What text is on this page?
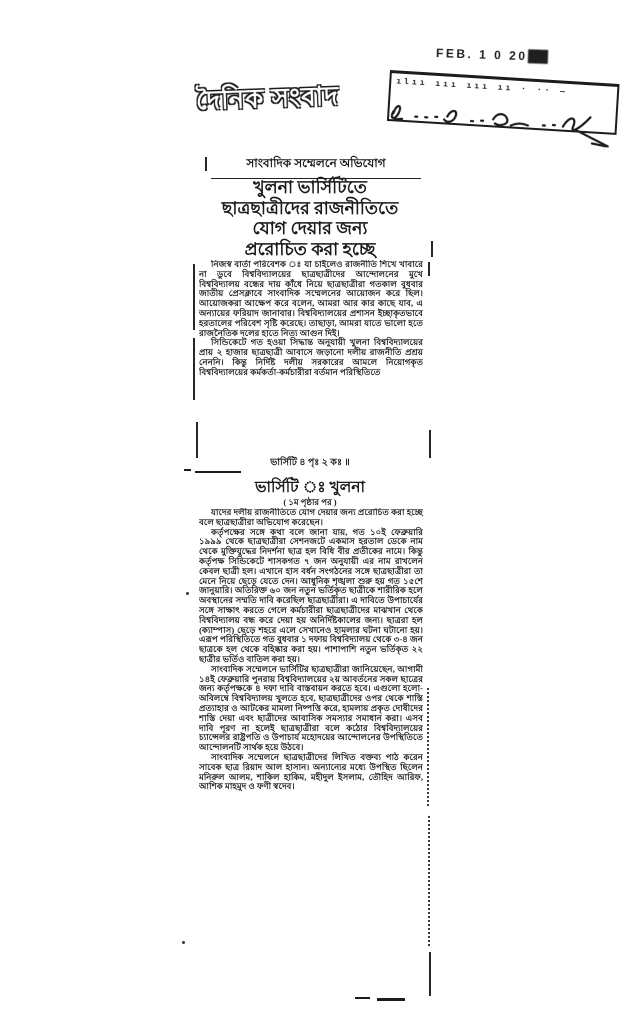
দৈনিক সংবাদ
FEB. 1 0 2000
ılıı ııı ııı ıı · ·· —
সাংবাদিক সম্মেলনে অভিযোগ
খুলনা ভার্সিটিতে
ছাত্রছাত্রীদের রাজনীতিতে
যোগ দেয়ার জন্য
প্ররোচিত করা হচ্ছে

নিজস্ব বার্তা পরিবেশক ঃ যা চাইলেও রাজনীতি শিখে খাবারে না ডুবে বিশ্ববিদ্যালয়ের ছাত্রছাত্রীদের আন্দোলনের মুখে বিশ্ববিদ্যালয় বন্ধের দায় কাঁধে নিয়ে ছাত্রছাত্রীরা গতকাল বুধবার জাতীয় প্রেসক্লাবে সাংবাদিক সম্মেলনের আয়োজন করে ছিল। আয়োজকরা আক্ষেপ করে বলেন, আমরা আর কার কাছে যাব, এ অন্যায়ের ফরিয়াদ জানাবার। বিশ্ববিদ্যালয়ের প্রশাসন ইচ্ছাকৃতভাবে হরতালের পরিবেশ সৃষ্টি করেছে। তাছাড়া, আমরা যাতে ভালো হতে রাজনৈতিক দলের হাতে নিত্য আগুন দিই।

সিন্ডিকেটে গত হওয়া সিদ্ধান্ত অনুযায়ী খুলনা বিশ্ববিদ্যালয়ের প্রায় ২ হাজার ছাত্রছাত্রী আবাসে জড়ানো দলীয় রাজনীতি প্রশ্রয় নেননি। কিন্তু নির্দিষ্ট দলীয় সরকারের আমলে নিয়োগকৃত বিশ্ববিদ্যালয়ের কর্মকর্তা-কর্মচারীরা বর্তমান পরিস্থিতিতে

ভার্সিটি ৪ পৃঃ ২ কঃ ॥
ভার্সিটি ঃ খুলনা
( ১ম পৃষ্ঠার পর )

যাদের দলীয় রাজনীতিতে যোগ দেয়ার জন্য প্ররোচিত করা হচ্ছে বলে ছাত্রছাত্রীরা অভিযোগ করেছেন।

কর্তৃপক্ষের সঙ্গে কথা বলে জানা যায়, গত ১০ই ফেব্রুয়ারি ১৯৯৯ থেকে ছাত্রছাত্রীরা সেশনজটে একমাস হরতাল ডেকে নাম থেকে মুক্তিযুদ্ধের নিদর্শনা ছাত্র হল বিধি বীর প্রতীকের নামে। কিন্তু কর্তৃপক্ষ সিন্ডিকেটে শাসকগত ৭ জন অনুযায়ী এর নাম রাখলেন কেবল ছাত্রী হল। এখানে হাস বর্ধন সংগঠনের সঙ্গে ছাত্রছাত্রীরা তা মেনে নিয়ে ছেড়ে যেতে দেন। আধুনিক শৃঙ্খলা শুরু হয় গত ১৫শে জানুয়ারি। অতিরিক্ত ৬০ জন নতুন ভর্তিকৃত ছাত্রীকে শারীরিক হলে অবস্থানের সম্মতি দাবি করেছিল ছাত্রছাত্রীরা। এ দাবিতে উপাচার্যের সঙ্গে সাক্ষাৎ করতে গেলে কর্মচারীরা ছাত্রছাত্রীদের মাঝখান থেকে বিশ্ববিদ্যালয় বন্ধ করে দেয়া হয় অনির্দিষ্টকালের জন্য। ছাত্ররা হল (ক্যাম্পাস) ছেড়ে শহরে এলে সেখানেও হামলার ঘটনা ঘটানো হয়। এরূপ পরিস্থিতিতে গত বুধবার ১ দফায় বিশ্ববিদ্যালয় থেকে ৩-৪ জন ছাত্রকে হল থেকে বহিষ্কার করা হয়। পাশাপাশি নতুন ভর্তিকৃত ২২ ছাত্রীর ভর্তিও বাতিল করা হয়।

সাংবাদিক সম্মেলনে ভার্সিটির ছাত্রছাত্রীরা জানিয়েছেন, আগামী ১৪ই ফেব্রুয়ারি পুনরায় বিশ্ববিদ্যালয়ের ২য় আবর্তনের সকল ছাত্রের জন্য কর্তৃপক্ষকে ৪ দফা দাবি বাস্তবায়ন করতে হবে। এগুলো হলো- অবিলম্বে বিশ্ববিদ্যালয় খুলতে হবে, ছাত্রছাত্রীদের ওপর থেকে শাস্তি প্রত্যাহার ও আটকের মামলা নিষ্পত্তি করে, হামলায় প্রকৃত দোষীদের শাস্তি দেয়া এবং ছাত্রীদের আবাসিক সমস্যার সমাধান করা। এসব দাবি পূরণ না হলেই ছাত্রছাত্রীরা বলে কঠোর বিশ্ববিদ্যালয়ের চ্যান্সেলর রাষ্ট্রপতি ও উপাচার্য মহোদয়ের আন্দোলনের উপস্থিতিতে আন্দোলনটি সার্থক হয়ে উঠবে।

সাংবাদিক সম্মেলনে ছাত্রছাত্রীদের লিখিত বক্তব্য পাঠ করেন সাবেক ছাত্র রিয়াদ আল হাসান। অন্যান্যের মধ্যে উপস্থিত ছিলেন মনিরুল আলম, শাকিল হাকিম, মহীদুল ইসলাম, তৌহিদ আরিফ, আশিক মাহমুদ ও ফণী স্বদেব।
